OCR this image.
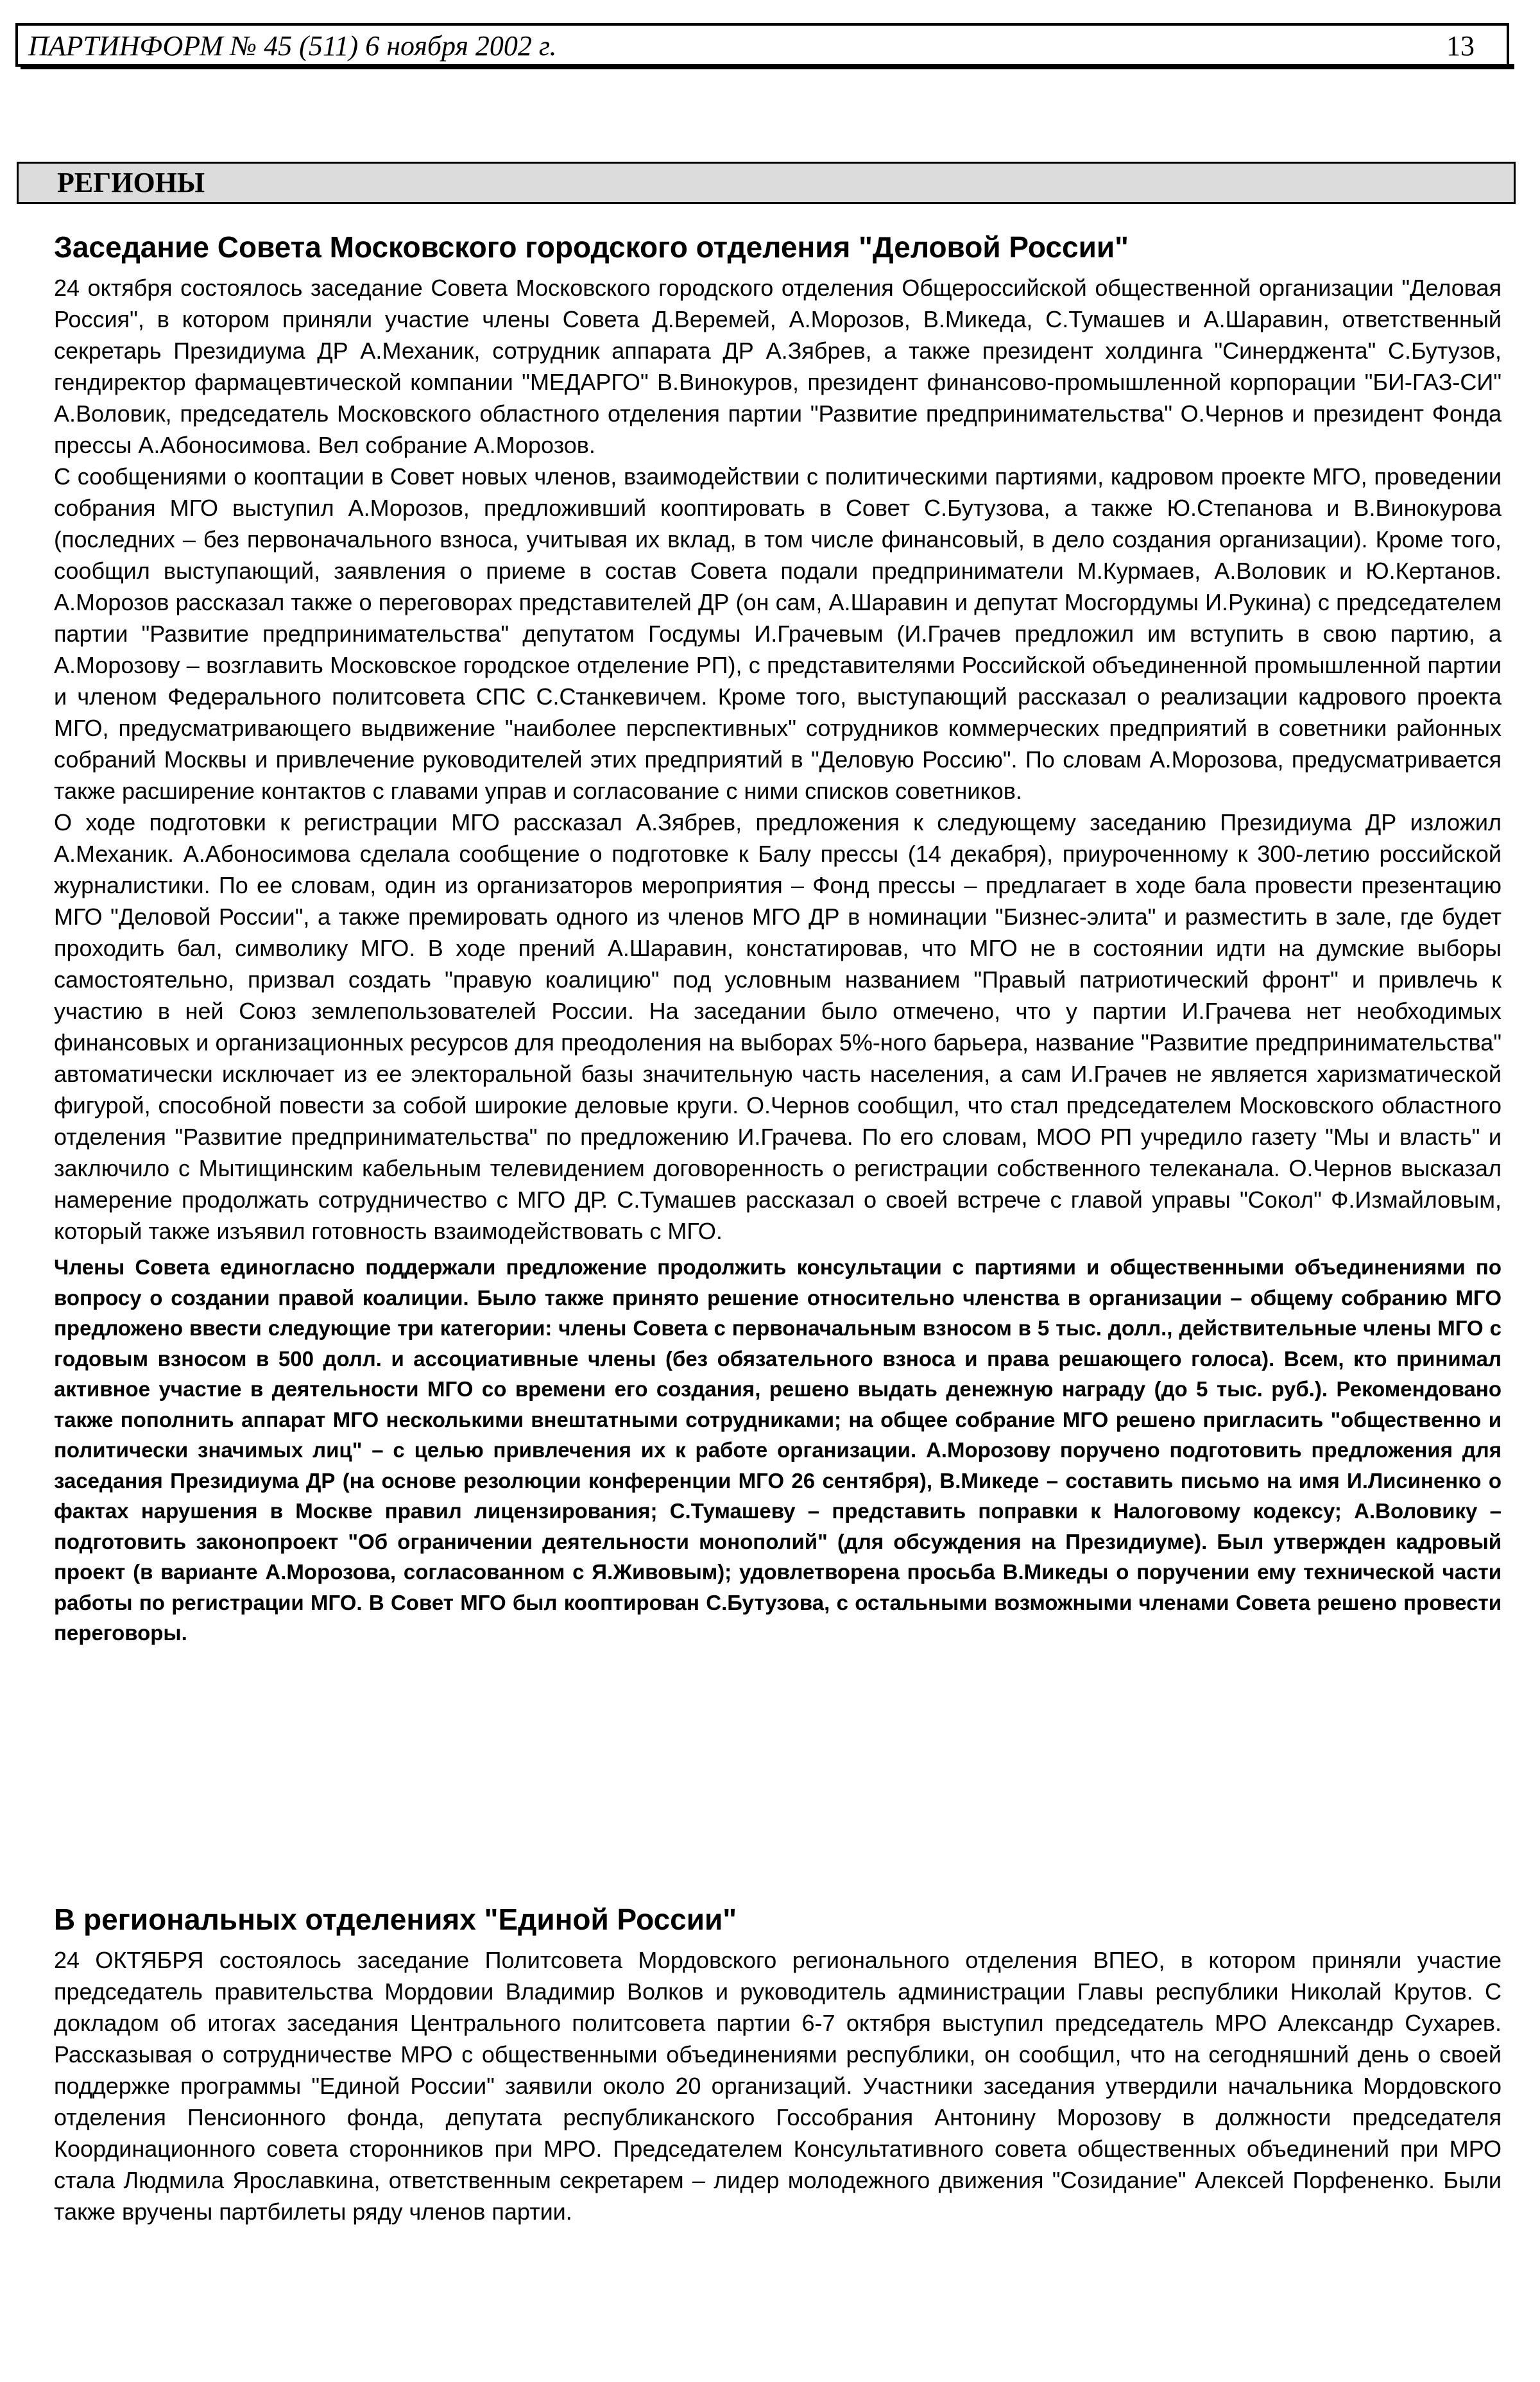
ПАРТИНФОРМ № 45 (511) 6 ноября 2002 г.	13
РЕГИОНЫ
Заседание Совета Московского городского отделения "Деловой России"

24 октября состоялось заседание Совета Московского городского отделения Общероссийской общественной организации "Деловая Россия", в котором приняли участие члены Совета Д.Веремей, А.Морозов, В.Микеда, С.Тумашев и А.Шаравин, ответственный секретарь Президиума ДР А.Механик, сотрудник аппарата ДР А.Зябрев, а также президент холдинга "Синерджента" С.Бутузов, гендиректор фармацевтической компании "МЕДАРГО" В.Винокуров, президент финансово-промышленной корпорации "БИ-ГАЗ-СИ" А.Воловик, председатель Московского областного отделения партии "Развитие предпринимательства" О.Чернов и президент Фонда прессы А.Абоносимова. Вел собрание А.Морозов.

С сообщениями о кооптации в Совет новых членов, взаимодействии с политическими партиями, кадровом проекте МГО, проведении собрания МГО выступил А.Морозов, предложивший кооптировать в Совет С.Бутузова, а также Ю.Степанова и В.Винокурова (последних – без первоначального взноса, учитывая их вклад, в том числе финансовый, в дело создания организации). Кроме того, сообщил выступающий, заявления о приеме в состав Совета подали предприниматели М.Курмаев, А.Воловик и Ю.Кертанов. А.Морозов рассказал также о переговорах представителей ДР (он сам, А.Шаравин и депутат Мосгордумы И.Рукина) с председателем партии "Развитие предпринимательства" депутатом Госдумы И.Грачевым (И.Грачев предложил им вступить в свою партию, а А.Морозову – возглавить Московское городское отделение РП), с представителями Российской объединенной промышленной партии и членом Федерального политсовета СПС С.Станкевичем. Кроме того, выступающий рассказал о реализации кадрового проекта МГО, предусматривающего выдвижение "наиболее перспективных" сотрудников коммерческих предприятий в советники районных собраний Москвы и привлечение руководителей этих предприятий в "Деловую Россию". По словам А.Морозова, предусматривается также расширение контактов с главами управ и согласование с ними списков советников.

О ходе подготовки к регистрации МГО рассказал А.Зябрев, предложения к следующему заседанию Президиума ДР изложил А.Механик. А.Абоносимова сделала сообщение о подготовке к Балу прессы (14 декабря), приуроченному к 300-летию российской журналистики. По ее словам, один из организаторов мероприятия – Фонд прессы – предлагает в ходе бала провести презентацию МГО "Деловой России", а также премировать одного из членов МГО ДР в номинации "Бизнес-элита" и разместить в зале, где будет проходить бал, символику МГО. В ходе прений А.Шаравин, констатировав, что МГО не в состоянии идти на думские выборы самостоятельно, призвал создать "правую коалицию" под условным названием "Правый патриотический фронт" и привлечь к участию в ней Союз землепользователей России. На заседании было отмечено, что у партии И.Грачева нет необходимых финансовых и организационных ресурсов для преодоления на выборах 5%-ного барьера, название "Развитие предпринимательства" автоматически исключает из ее электоральной базы значительную часть населения, а сам И.Грачев не является харизматической фигурой, способной повести за собой широкие деловые круги. О.Чернов сообщил, что стал председателем Московского областного отделения "Развитие предпринимательства" по предложению И.Грачева. По его словам, МОО РП учредило газету "Мы и власть" и заключило с Мытищинским кабельным телевидением договоренность о регистрации собственного телеканала. О.Чернов высказал намерение продолжать сотрудничество с МГО ДР. С.Тумашев рассказал о своей встрече с главой управы "Сокол" Ф.Измайловым, который также изъявил готовность взаимодействовать с МГО.

Члены Совета единогласно поддержали предложение продолжить консультации с партиями и общественными объединениями по вопросу о создании правой коалиции. Было также принято решение относительно членства в организации – общему собранию МГО предложено ввести следующие три категории: члены Совета с первоначальным взносом в 5 тыс. долл., действительные члены МГО с годовым взносом в 500 долл. и ассоциативные члены (без обязательного взноса и права решающего голоса). Всем, кто принимал активное участие в деятельности МГО со времени его создания, решено выдать денежную награду (до 5 тыс. руб.). Рекомендовано также пополнить аппарат МГО несколькими внештатными сотрудниками; на общее собрание МГО решено пригласить "общественно и политически значимых лиц" – с целью привлечения их к работе организации. А.Морозову поручено подготовить предложения для заседания Президиума ДР (на основе резолюции конференции МГО 26 сентября), В.Микеде – составить письмо на имя И.Лисиненко о фактах нарушения в Москве правил лицензирования; С.Тумашеву – представить поправки к Налоговому кодексу; А.Воловику – подготовить законопроект "Об ограничении деятельности монополий" (для обсуждения на Президиуме). Был утвержден кадровый проект (в варианте А.Морозова, согласованном с Я.Живовым); удовлетворена просьба В.Микеды о поручении ему технической части работы по регистрации МГО. В Совет МГО был кооптирован С.Бутузова, с остальными возможными членами Совета решено провести переговоры.

В региональных отделениях "Единой России"

24 ОКТЯБРЯ состоялось заседание Политсовета Мордовского регионального отделения ВПЕО, в котором приняли участие председатель правительства Мордовии Владимир Волков и руководитель администрации Главы республики Николай Крутов. С докладом об итогах заседания Центрального политсовета партии 6-7 октября выступил председатель МРО Александр Сухарев. Рассказывая о сотрудничестве МРО с общественными объединениями республики, он сообщил, что на сегодняшний день о своей поддержке программы "Единой России" заявили около 20 организаций. Участники заседания утвердили начальника Мордовского отделения Пенсионного фонда, депутата республиканского Госсобрания Антонину Морозову в должности председателя Координационного совета сторонников при МРО. Председателем Консультативного совета общественных объединений при МРО стала Людмила Ярославкина, ответственным секретарем – лидер молодежного движения "Созидание" Алексей Порфененко. Были также вручены партбилеты ряду членов партии.
